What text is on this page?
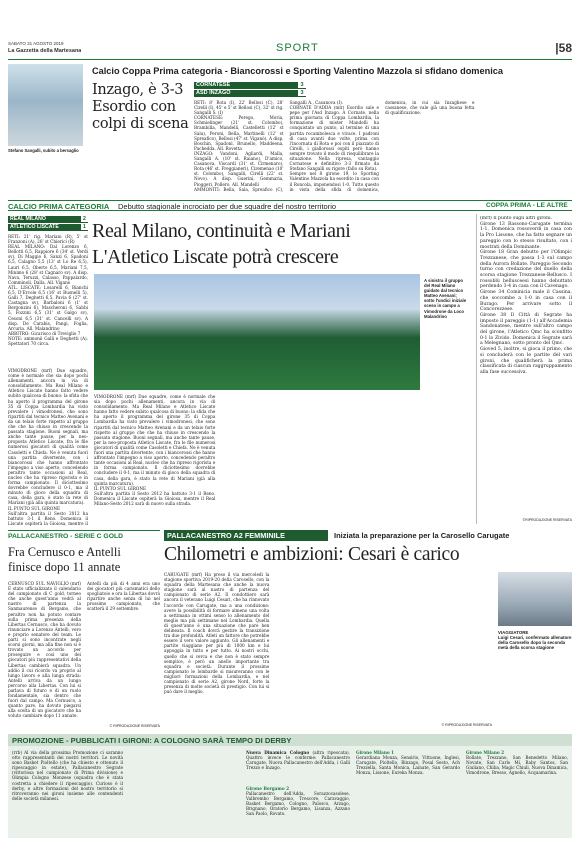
SABATO 31 AGOSTO 2019
La Gazzetta della Martesana	SPORT	|58
Stefano Sangalli, subito a bersaglio
Calcio Coppa Prima categoria - Biancorossi e Sporting Valentino Mazzola si sfidano domenica
Inzago, è 3-3
Esordio con
colpi di scena
CORNATESE	3
ASD INZAGO	3
RETI: 8' Rota (I), 22' Bellosi (C), 28' Cirelli (I), 45' e 5' st Bellosi (C), 32' st rig. Sangalli S. (I)
CORNATESE: Perego, Moria, Schmielinger (21' st. Colombo), Brambilla, Mandelli, Castelletti (12' st Sala), Peroni, Bella, Martinelli (12' st Spreafico), Bellosi (47' st. Viganò). A disp. Boschin, Spadoni, Brunello, Maddeena, Pachedda. All. Rovetta
INZAGO: Vandoni, Agliardi, Malla, Sangalli A. (10' st. Raiano), D'amico, Casanova, Viscardi (31' st. Cirmenaro), Rota (46' st. Freggianeri), Ciremenao (10' st. Colombo), Sangalli, Cirelli (22' st. Novo). A disp. Guerini, Gemmaria, Pioggeri, Pollero. All. Mandelli
AMMONITI: Bella, Sala, Spreafico (C), Sangalli A., Casanova (I).
CORNATE D'ADDA (mlr) Esordio sale e pepe per l'Asd Inzago. A Cornate, nella prima giornata di Coppa Lombardia, la formazione di mister Mandelli ha conquistato un punto, al termine di una partita rocambolesca e vivace. I padroni di casa avanti due volte, prima con l'incornata di Rota e poi con il piazzato di Cirelli, i giallorossi ospiti però hanno sempre trovato il modo di riequilibrare la situazione. Nella ripresa, vantaggio Cornatese e definitivo 3-3 firmato da Stefano Sangalli su rigore (fallo su Rota).
Sempre nel 8 girone 19, lo Sporting Valentino Mazzola ha esordito in casa con il Roncola, imponendosi 1-0. Tutto questo in vista della sfida di domenica, domenica, in cui sia Inzaghese e cassanese, che vale già una buona fetta di qualificazione.
CALCIO PRIMA CATEGORIA Debutto stagionale incrociato per due squadre del nostro territorio	COPPA PRIMA - LE ALTRE
REAL MILANO	2
ATLETICO LISCATE	1
RETI: 21' rig. Mariani (R), 5' st Franzoni (A), 26' st Chierici (R)
REAL MILANO: Dal Lorenzo 6, Bellotti 6,5, Rappiore 6 (34' st. Verdi sv), Di Maggio 6, Sanzi 6, Spadoni 6,5, Calagno 5,5 (13' st Lo Re 6,5), Lauri 6,5, Oberto 6,5, Mariani 7,5, Minimo 6 (28' st Cagnaro sv). A disp. Nava, Teruzzi, Calasso, Pappalardo, Comminoli, Dalla. All. Viganò
ATL. LISCATE: Losarelli 6, Bianchi 6,5, D'Ercole 6,5 (16' st Busnelli 5), Galli 7, Deghetti 6,5, Pavia 6 (27' st. Castagna sv), Barbaloni 6 (1' st Bergonzini 6), Mascheroni 6, Sabbi 5, Fozzini 6,5 (31' st Galgo sv), Cesoni 6,5 (31' st. Cancelli sv). A disp. De Carabis, Pangi, Foglia, Arcuria. All. Malandrino
ARBITRO: Gicarisco di Treviglio 7
NOTE: ammonii Galli e Deghetti (A). Spettatori 70 circa.
VIMODRONE (mrf) Due squadre, come è normale che sia dopo pochi allenamenti, ancora in via di consolidamento. Ma Real Milano e Atletico Liscate hanno fatto vedere subito qualcosa di buono: la sfida che ha aperto il programma del girone 35 di Coppa Lombardia ha visto prevalere i vimodronesi, che sono ripartiti dal tecnico Matteo Avenani e da un telaio forte rispetto al gruppo che che ha chiuso in crescendo la passata stagione. Buoni segnali, ma anche tante pause, per la neo-proposta Atletico Liscate, fra le file numerosi giocatori di qualità come Casoletti e Chiefa. Ne è venuta fuori una partita divertente, con i biancorossi che hanno affrontato l'impegno a viso aperto, concedendo peraltro tante occasioni al Real, nucleo che ha ripreso rigorista e in forma campionato. Il diciottesimo dovrebbe concludere il 0-1, ma il minuto di gioco della squadra di casa, della gara, è stato la rete di Mariani (già alla quinta marcatura).
IL PUNTO SUL GIRONE
Sull'altra partita il Sesto 2012 ha battuto 3-1 il Reno. Domenica il Liscate ospiterà la Gioiosa, mentre il
Real Milano, continuità e Mariani
L'Atletico Liscate potrà crescere
A sinistra il gruppo del Real Milano guidato dal tecnico Matteo Avenani; sotto l'undici iniziale sceso in campo a Vimodrone da Loco Malandrino
VIMODRONE (mrf) Due squadre, come è normale che sia dopo pochi allenamenti, ancora in via di consolidamento. Ma Real Milano e Atletico Liscate hanno fatto vedere subito qualcosa di buono: la sfida che ha aperto il programma del girone 35 di Coppa Lombardia ha visto prevalere i vimodronesi, che sono ripartiti dal tecnico Matteo Avenani e da un telaio forte rispetto al gruppo che che ha chiuso in crescendo la passata stagione. Buoni segnali, ma anche tante pause, per la neo-proposta Atletico Liscate, fra le file numerosi giocatori di qualità come Casoletti e Chiefa. Ne è venuta fuori una partita divertente, con i biancorossi che hanno affrontato l'impegno a viso aperto, concedendo peraltro tante occasioni al Real, nucleo che ha ripreso rigorista e in forma campionato. Il diciottesimo dovrebbe concludere il 0-1, ma il minuto di gioco della squadra di casa, della gara, è stato la rete di Mariani (già alla quinta marcatura).
IL PUNTO SUL GIRONE
Sull'altra partita il Sesto 2012 ha battuto 3-1 il Reno. Domenica il Liscate ospiterà la Gioiosa, mentre il Real Milano-Sesto 2012 sarà di nuovo sulla strada.
(mrf) Il punto sugli altri gironi.
Girone 13 Bassono-Carugate termina 1-1. Domenica rossoverdi in casa con la Pro Lissone, che ha fatto segnare un pareggio con lo stesso risultato, con i mostrati della Dominante.
Girone 18 Gran debutto per l'Olimpic Trezzanese, che passa 1-3 sul campo della Aurora Bollate. Pareggio Secondo turno con credazione del duello della scorsa stagione Trezzanese-Bellusco. I rossoblù bellusceesi hanno debuttato perdendo 3-4 in casa con il Cavenago.
Girone 34 Cominicia male il Cassina, che soccombe a 1-0 in casa con il Burago. Per arrivare sotto il Concorezzese.
Girone 38 Il Città di Segrate ha imposto il pareggio (1-1) all'Accademia Sandonatese, mentre sull'altro campo del girone, l'Atletico Qmc ha sconfitto 0-1 lo Zivido. Domenica il Segrate sarà a Melegnano, sotto pronto del Qmc.
Gioved 5, inoltre, si gioca il primo, che si concluderà con le partite del vari gironi, che qualificherà la prima classificata di ciascun raggruppamento alla fase successiva.
©RIPRODUZIONE RISERVATA
PALLACANESTRO - SERIE C GOLD
Fra Cernusco e Antelli
finisce dopo 11 annate
CERNUSCO SUL NAVIGLIO (mrf) È stato ufficializzato il calendario del campionato di C gold, torneo che anche quest'anno vedrà al nastro di partenza la Sanmaurense di Bergamo, che peraltro non ha potuto contare sulla prima presenza della Libertas Cernusco, che ha dovuto rinunciare a Lorenzo Antelli, vero e proprio senatore del team. Le parti si sono incontrate negli scorsi giorni, ma alla fine non si è trovato un accordo per proseguire e così uno dei giocatori più rappresentativi della Libertas cambierà squadra. Un addio il cui ricordo va proprio al lungo lavoro e alla lunga strada: Antelli arriva da un lungo percorso alla Libertas. Con lui si parlava di futuro e di un ruolo fondamentale, sia dentro che fuori dal campo. Ma Cernusco, a quanto pare, ha dovuto piegarsi alla scelta di un giocatore che ha voluto cambiare dopo 11 annate.
Antelli da più di 4 anni era uno dei giocatori più carismatici dello spogliatoio e ora la Libertas dovrà ripartire anche senza di lui nel prossimo campionato, che scatterà il 29 settembre.
© RIPRODUZIONE RISERVATA
PALLACANESTRO A2 FEMMINILE	Iniziata la preparazione per la Carosello Carugate
Chilometri e ambizioni: Cesari è carico
CARUGATE (mrf) Ha preso il via mercoledì la stagione sportiva 2019-20 della Carosello, con la squadra della Martesana che anche la nuova stagione sarà al nastro di partenza del campionato di serie A2. Il condottiero sarà ancora il veterano Luigi Cesari, che ha rinnovato l'accordo con Carugate, ma a una condizione: avere la possibilità di formare almeno una volta a settimana in ottimi senso lo allenamento del meglio ma più settimane nel Lombardia. Quella di quest'anno è una situazione che pare ben delineata. Il coach dovrà gestire la transizione tra due profondità. Atleti un fattore che potrebbe essere il vero valore aggiunto. Gli allenamenti e partite viaggiano per più di 1000 km e lui appoggia in tutto e per tutto. Ai nostri occhi, quello che si cerca e che non è stato sempre semplice, è però un anello importante tra squadra e società. Durante il prossimo campionato le lombarde si misureranno con le migliori formazioni della Lombardia, e nel campionato di serie A2, girone Nord, forte la presenza di molte società di prestigio. Con lui si può dare il meglio.
© RIPRODUZIONE RISERVATA
VIAGGIATORE
Luigi Cesari, confermato allenatore della Carosello dopo la seconda metà della scorsa stagione
PROMOZIONE - PUBBLICATI I GIRONI: A COLOGNO SARÀ TEMPO DI DERBY
(rrb) Al via della prossima Promozione ci saranno otto rappresentanti dei nostri territori. Le novità sono Basket Pioltello (che ha chiesto e ottenuto il ripescaggio in estate), Pallacanestro Segrate (vittoriosa nel campionato di Prima divisione) e Olimpia Cologno Monzese (squadra che è stata costretta a chiedere il ripescaggio). Curioso è il derby, e altre formazioni del nostro territorio si ritroveranno nei gironi insieme alle contendenti delle società milanesi.
Nuova Dinamica Cologno (altra ripescata). Quattro invece le conferme: Pallacanestro Carugate, Nuova Pallacanestro dell'Adda, i Galli Trezzo e Inzago.
Girone Bergamo 2
Pallacanestro dell'Adda, Sorazzocasolese, Valbrembo Bergamo, Trescore, Caravaggio, Basket Bergamo, Cologno, Palosco, Arzago, Brignano, Oratorio Bergamo, Lisanza, Azzano San Paolo, Rovato.
Girone Milano 1
Gerardiana Monza, Sensirio, Vittuone, Inglesi, Carugate, Pioltello, Binzago, Posal Sesto, Ach Trezzella, Santa Monica, Lainate, San Gerardo Monza, Lissone, Eureka Monza.
Girone Milano 2
Bollate, Trezzano, San Benedetto Milano, Novate, San Carlo Mi, Baby Santos, San Giuliano, Chiba, Magic Chiuli, Nuova Dinamica, Vimodrone, Bresso, Agnello, Acquamarina.
